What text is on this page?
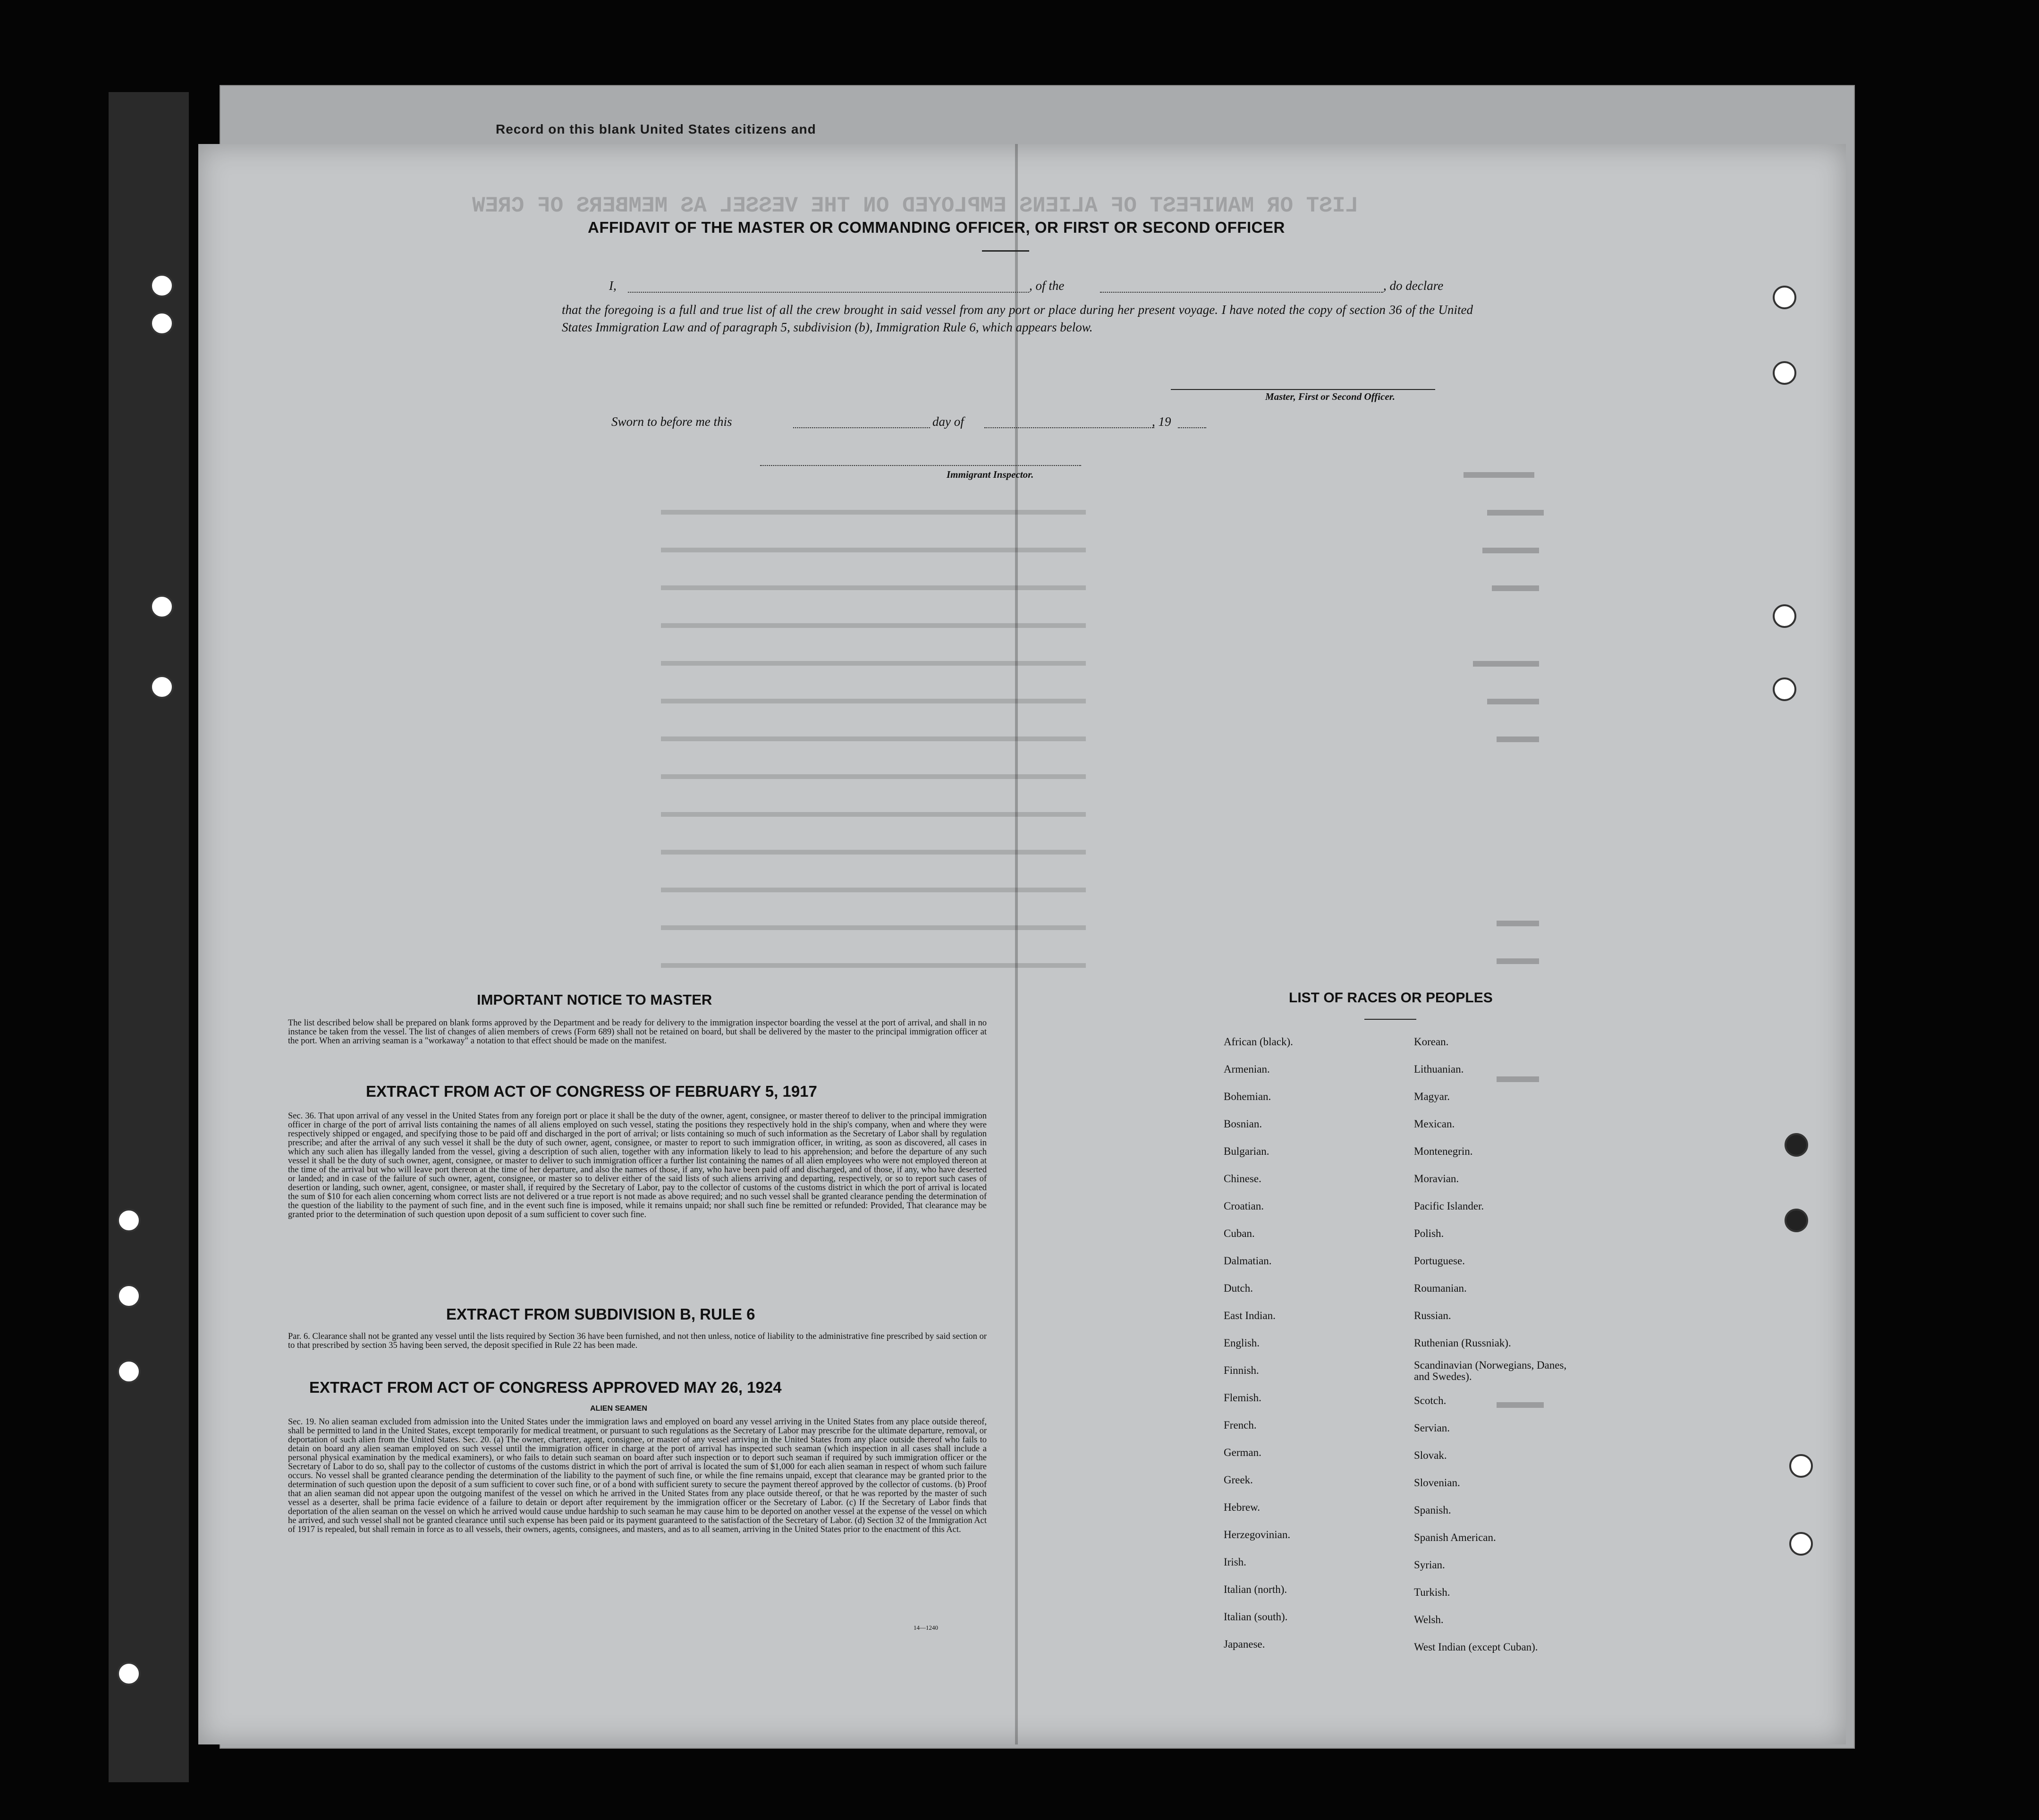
Record on this blank United States citizens and
LIST OR MANIFEST OF ALIENS EMPLOYED ON THE VESSEL AS MEMBERS OF CREW
AFFIDAVIT OF THE MASTER OR COMMANDING OFFICER, OR FIRST OR SECOND OFFICER
I,	, of the	, do declare
that the foregoing is a full and true list of all the crew brought in said vessel from any port or place during her present voyage. I have noted the copy of section 36 of the United States Immigration Law and of paragraph 5, subdivision (b), Immigration Rule 6, which appears below.
Master, First or Second Officer.
Sworn to before me this	day of	, 19
Immigrant Inspector.
IMPORTANT NOTICE TO MASTER
The list described below shall be prepared on blank forms approved by the Department and be ready for delivery to the immigration inspector boarding the vessel at the port of arrival, and shall in no instance be taken from the vessel. The list of changes of alien members of crews (Form 689) shall not be retained on board, but shall be delivered by the master to the principal immigration officer at the port. When an arriving seaman is a "workaway" a notation to that effect should be made on the manifest.
EXTRACT FROM ACT OF CONGRESS OF FEBRUARY 5, 1917
Sec. 36. That upon arrival of any vessel in the United States from any foreign port or place it shall be the duty of the owner, agent, consignee, or master thereof to deliver to the principal immigration officer in charge of the port of arrival lists containing the names of all aliens employed on such vessel, stating the positions they respectively hold in the ship's company, when and where they were respectively shipped or engaged, and specifying those to be paid off and discharged in the port of arrival; or lists containing so much of such information as the Secretary of Labor shall by regulation prescribe; and after the arrival of any such vessel it shall be the duty of such owner, agent, consignee, or master to report to such immigration officer, in writing, as soon as discovered, all cases in which any such alien has illegally landed from the vessel, giving a description of such alien, together with any information likely to lead to his apprehension; and before the departure of any such vessel it shall be the duty of such owner, agent, consignee, or master to deliver to such immigration officer a further list containing the names of all alien employees who were not employed thereon at the time of the arrival but who will leave port thereon at the time of her departure, and also the names of those, if any, who have been paid off and discharged, and of those, if any, who have deserted or landed; and in case of the failure of such owner, agent, consignee, or master so to deliver either of the said lists of such aliens arriving and departing, respectively, or so to report such cases of desertion or landing, such owner, agent, consignee, or master shall, if required by the Secretary of Labor, pay to the collector of customs of the customs district in which the port of arrival is located the sum of $10 for each alien concerning whom correct lists are not delivered or a true report is not made as above required; and no such vessel shall be granted clearance pending the determination of the question of the liability to the payment of such fine, and in the event such fine is imposed, while it remains unpaid; nor shall such fine be remitted or refunded: Provided, That clearance may be granted prior to the determination of such question upon deposit of a sum sufficient to cover such fine.
EXTRACT FROM SUBDIVISION B, RULE 6
Par. 6. Clearance shall not be granted any vessel until the lists required by Section 36 have been furnished, and not then unless, notice of liability to the administrative fine prescribed by said section or to that prescribed by section 35 having been served, the deposit specified in Rule 22 has been made.
EXTRACT FROM ACT OF CONGRESS APPROVED MAY 26, 1924
ALIEN SEAMEN
Sec. 19. No alien seaman excluded from admission into the United States under the immigration laws and employed on board any vessel arriving in the United States from any place outside thereof, shall be permitted to land in the United States, except temporarily for medical treatment, or pursuant to such regulations as the Secretary of Labor may prescribe for the ultimate departure, removal, or deportation of such alien from the United States. Sec. 20. (a) The owner, charterer, agent, consignee, or master of any vessel arriving in the United States from any place outside thereof who fails to detain on board any alien seaman employed on such vessel until the immigration officer in charge at the port of arrival has inspected such seaman (which inspection in all cases shall include a personal physical examination by the medical examiners), or who fails to detain such seaman on board after such inspection or to deport such seaman if required by such immigration officer or the Secretary of Labor to do so, shall pay to the collector of customs of the customs district in which the port of arrival is located the sum of $1,000 for each alien seaman in respect of whom such failure occurs. No vessel shall be granted clearance pending the determination of the liability to the payment of such fine, or while the fine remains unpaid, except that clearance may be granted prior to the determination of such question upon the deposit of a sum sufficient to cover such fine, or of a bond with sufficient surety to secure the payment thereof approved by the collector of customs. (b) Proof that an alien seaman did not appear upon the outgoing manifest of the vessel on which he arrived in the United States from any place outside thereof, or that he was reported by the master of such vessel as a deserter, shall be prima facie evidence of a failure to detain or deport after requirement by the immigration officer or the Secretary of Labor. (c) If the Secretary of Labor finds that deportation of the alien seaman on the vessel on which he arrived would cause undue hardship to such seaman he may cause him to be deported on another vessel at the expense of the vessel on which he arrived, and such vessel shall not be granted clearance until such expense has been paid or its payment guaranteed to the satisfaction of the Secretary of Labor. (d) Section 32 of the Immigration Act of 1917 is repealed, but shall remain in force as to all vessels, their owners, agents, consignees, and masters, and as to all seamen, arriving in the United States prior to the enactment of this Act.
14—1240
LIST OF RACES OR PEOPLES
African (black).
Armenian.
Bohemian.
Bosnian.
Bulgarian.
Chinese.
Croatian.
Cuban.
Dalmatian.
Dutch.
East Indian.
English.
Finnish.
Flemish.
French.
German.
Greek.
Hebrew.
Herzegovinian.
Irish.
Italian (north).
Italian (south).
Japanese.
Korean.
Lithuanian.
Magyar.
Mexican.
Montenegrin.
Moravian.
Pacific Islander.
Polish.
Portuguese.
Roumanian.
Russian.
Ruthenian (Russniak).
Scandinavian (Norwegians, Danes, and Swedes).
Scotch.
Servian.
Slovak.
Slovenian.
Spanish.
Spanish American.
Syrian.
Turkish.
Welsh.
West Indian (except Cuban).
